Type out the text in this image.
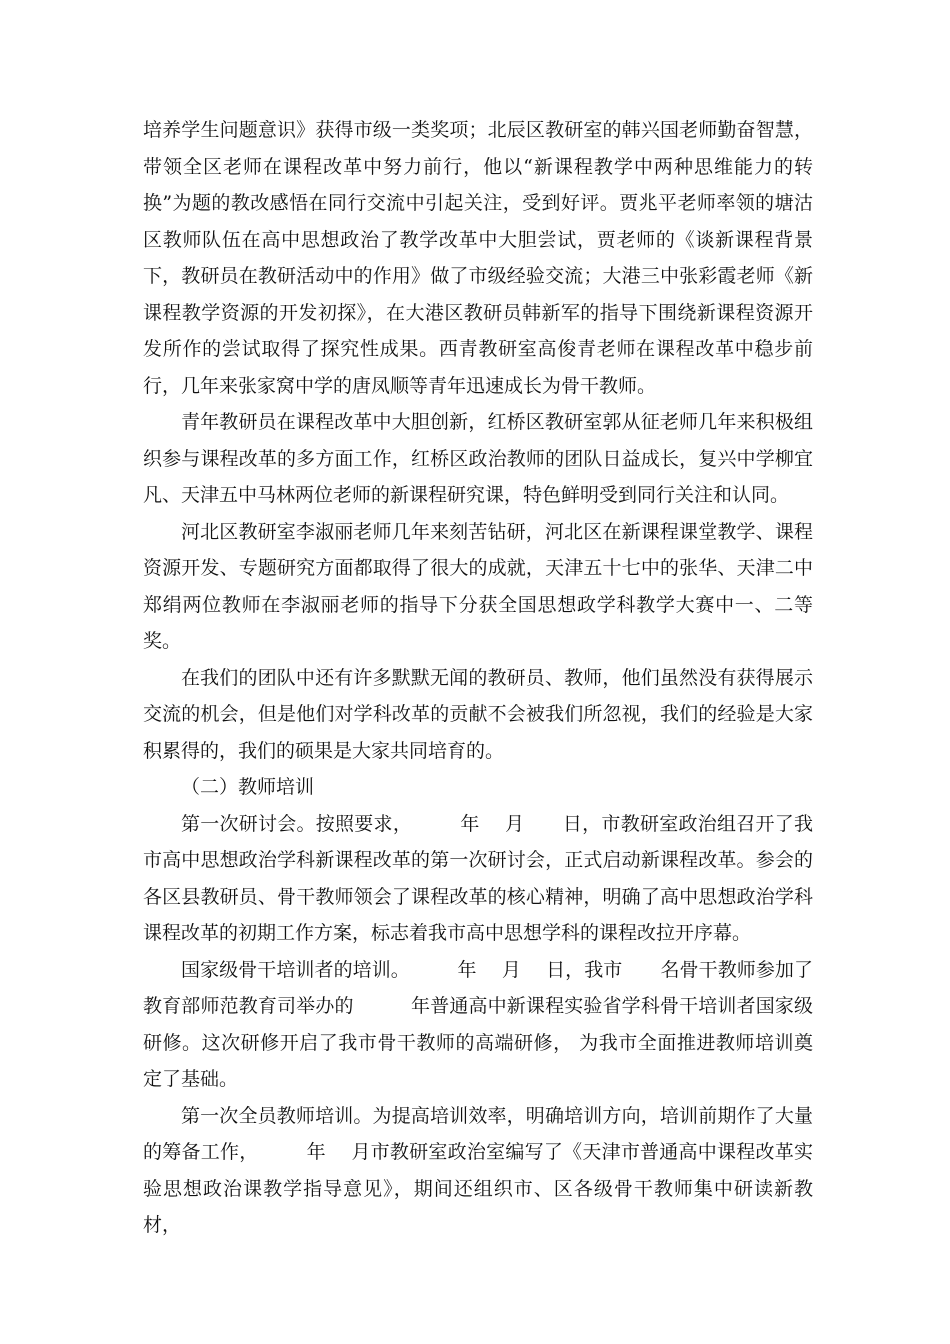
培养学生问题意识》获得市级一类奖项；北辰区教研室的韩兴国老师勤奋智慧，带领全区老师在课程改革中努力前行，他以“新课程教学中两种思维能力的转换”为题的教改感悟在同行交流中引起关注，受到好评。贾兆平老师率领的塘沽区教师队伍在高中思想政治了教学改革中大胆尝试，贾老师的《谈新课程背景下，教研员在教研活动中的作用》做了市级经验交流；大港三中张彩霞老师《新课程教学资源的开发初探》，在大港区教研员韩新军的指导下围绕新课程资源开发所作的尝试取得了探究性成果。西青教研室高俊青老师在课程改革中稳步前行，几年来张家窝中学的唐凤顺等青年迅速成长为骨干教师。

青年教研员在课程改革中大胆创新，红桥区教研室郭从征老师几年来积极组织参与课程改革的多方面工作，红桥区政治教师的团队日益成长，复兴中学柳宜凡、天津五中马林两位老师的新课程研究课，特色鲜明受到同行关注和认同。

河北区教研室李淑丽老师几年来刻苦钻研，河北区在新课程课堂教学、课程资源开发、专题研究方面都取得了很大的成就，天津五十七中的张华、天津二中郑绢两位教师在李淑丽老师的指导下分获全国思想政学科教学大赛中一、二等奖。

在我们的团队中还有许多默默无闻的教研员、教师，他们虽然没有获得展示交流的机会，但是他们对学科改革的贡献不会被我们所忽视，我们的经验是大家积累得的，我们的硕果是大家共同培育的。

（二）教师培训

第一次研讨会。按照要求，　　　年　 月　　日，市教研室政治组召开了我市高中思想政治学科新课程改革的第一次研讨会，正式启动新课程改革。参会的各区县教研员、骨干教师领会了课程改革的核心精神，明确了高中思想政治学科课程改革的初期工作方案，标志着我市高中思想学科的课程改拉开序幕。

国家级骨干培训者的培训。　　　年　 月　 日，我市　　名骨干教师参加了教育部师范教育司举办的　　　年普通高中新课程实验省学科骨干培训者国家级研修。这次研修开启了我市骨干教师的高端研修， 为我市全面推进教师培训奠定了基础。

第一次全员教师培训。为提高培训效率，明确培训方向，培训前期作了大量的筹备工作，　　　年　 月市教研室政治室编写了《天津市普通高中课程改革实验思想政治课教学指导意见》，期间还组织市、区各级骨干教师集中研读新教材，
